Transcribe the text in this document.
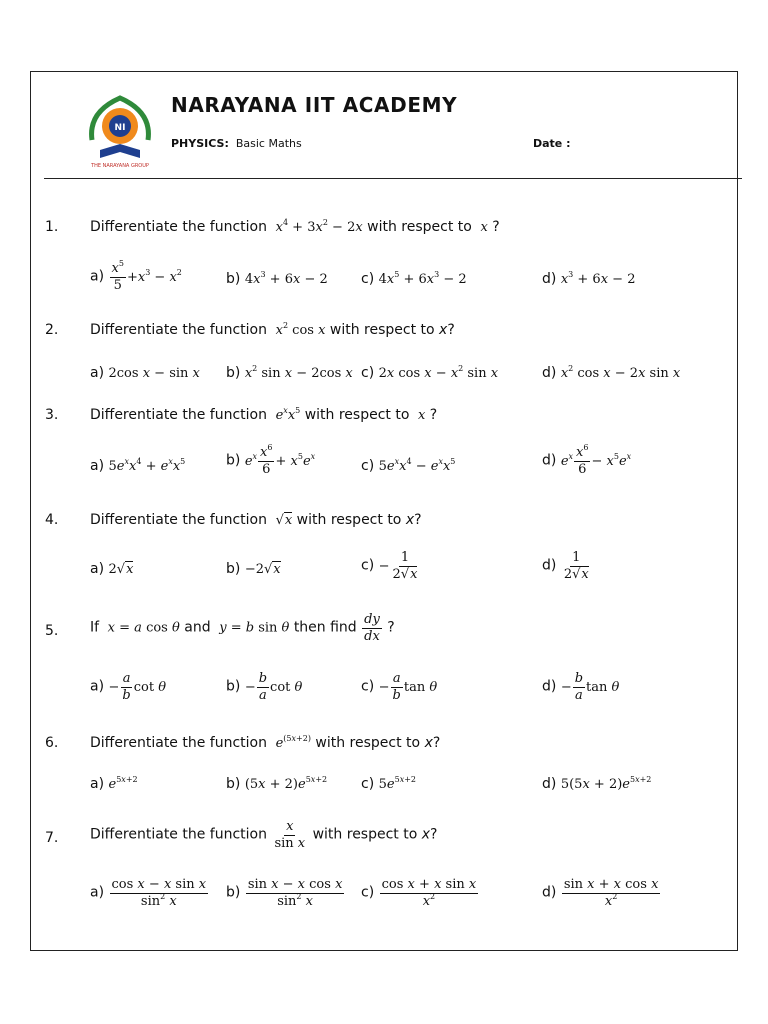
NI
THE NARAYANA GROUP
NARAYANA IIT ACADEMY
PHYSICS: Basic Maths	Date :
1. Differentiate the function $x^4 + 3x^2 - 2x$ with respect to x ?
$a) \frac{x^5}{5} +x^3 - x^2$	b) $4x^3 + 6x - 2$ c) $4x^5 + 6x^3 - 2$	d) $x^3 + 6x - 2$
2. Differentiate the function $x^2$ cos x with respect to x?
a) 2cos x − sin x b) $x^2$ sin x − 2cos x c) 2x $\cos x - x^2$ sin x	d) $x^2$ cos x − 2x sin x
3. Differentiate the function $e^xx^5$ with respect to x ?
a) $5e^xx^4 + e^xx^5$	b) $e^x \frac{x^6}{6} + x^5e^x$
c) $5e^xx^4 - e^xx^5$	d) $e^x \frac{x^6}{6} - x^5e^x$
4. Differentiate the function  √x with respect to x?
a) 2√x	b) −2√x	$c) - \frac{1}{2√x}$	$d) \frac{1}{2√x}$
5. If x = a cos θ and y = b sin θ then find $\frac{dy}{dx}$ ?
$a) - \frac{a}{b}$ cot θ	$b) - \frac{b}{a}$ cot θ	$c) - \frac{a}{b}$ tan θ	$d) - \frac{b}{a}$ tan θ
6. Differentiate the function $e^{(5x+2)}$ with respect to x?
a) $e^{5x+2}$	b) $(5x + 2)e^{5x+2}$ c) $5e^{5x+2}$	d) $5(5x + 2)e^{5x+2}$
7. Differentiate the function $\frac{x}{\text{sin x}}$ with respect to x?
$a) \frac{\text{cos x − x sin x}}{\sin^2 x} b) \frac{\text{sin x − x cos x}}{\sin^2 x} c) \frac{\text{cos x + x sin x}}{x^2}$	$d) \frac{\text{sin x + x cos x}}{x^2}$
